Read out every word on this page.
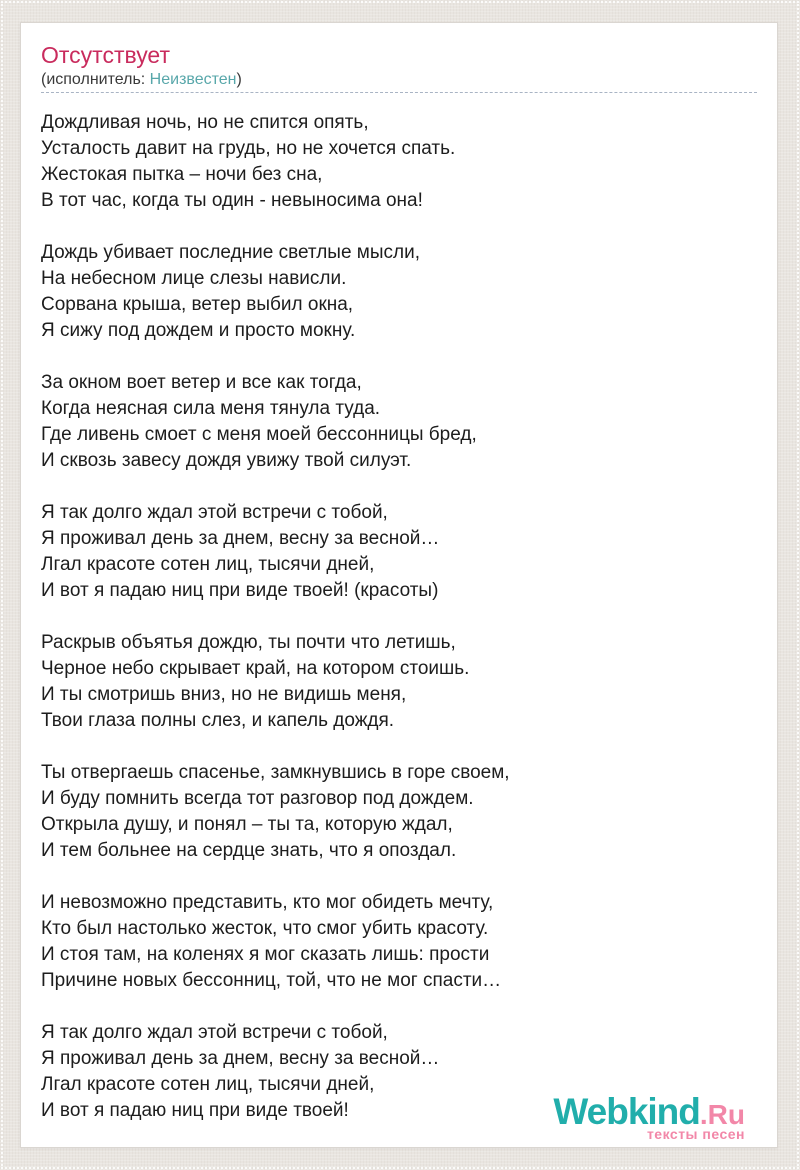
Отсутствует
(исполнитель: Неизвестен)

Дождливая ночь, но не спится опять,
Усталость давит на грудь, но не хочется спать.
Жестокая пытка – ночи без сна,
В тот час, когда ты один - невыносима она!

Дождь убивает последние светлые мысли,
На небесном лице слезы нависли.
Сорвана крыша, ветер выбил окна,
Я сижу под дождем и просто мокну.

За окном воет ветер и все как тогда,
Когда неясная сила меня тянула туда.
Где ливень смоет с меня моей бессонницы бред,
И сквозь завесу дождя увижу твой силуэт.

Я так долго ждал этой встречи с тобой,
Я проживал день за днем, весну за весной…
Лгал красоте сотен лиц, тысячи дней,
И вот я падаю ниц при виде твоей! (красоты)

Раскрыв объятья дождю, ты почти что летишь,
Черное небо скрывает край, на котором стоишь.
И ты смотришь вниз, но не видишь меня,
Твои глаза полны слез, и капель дождя.

Ты отвергаешь спасенье, замкнувшись в горе своем,
И буду помнить всегда тот разговор под дождем.
Открыла душу, и понял – ты та, которую ждал,
И тем больнее на сердце знать, что я опоздал.

И невозможно представить, кто мог обидеть мечту,
Кто был настолько жесток, что смог убить красоту.
И стоя там, на коленях я мог сказать лишь: прости
Причине новых бессонниц, той, что не мог спасти…

Я так долго ждал этой встречи с тобой,
Я проживал день за днем, весну за весной…
Лгал красоте сотен лиц, тысячи дней,
И вот я падаю ниц при виде твоей!	Webkind.Ru
тексты песен
